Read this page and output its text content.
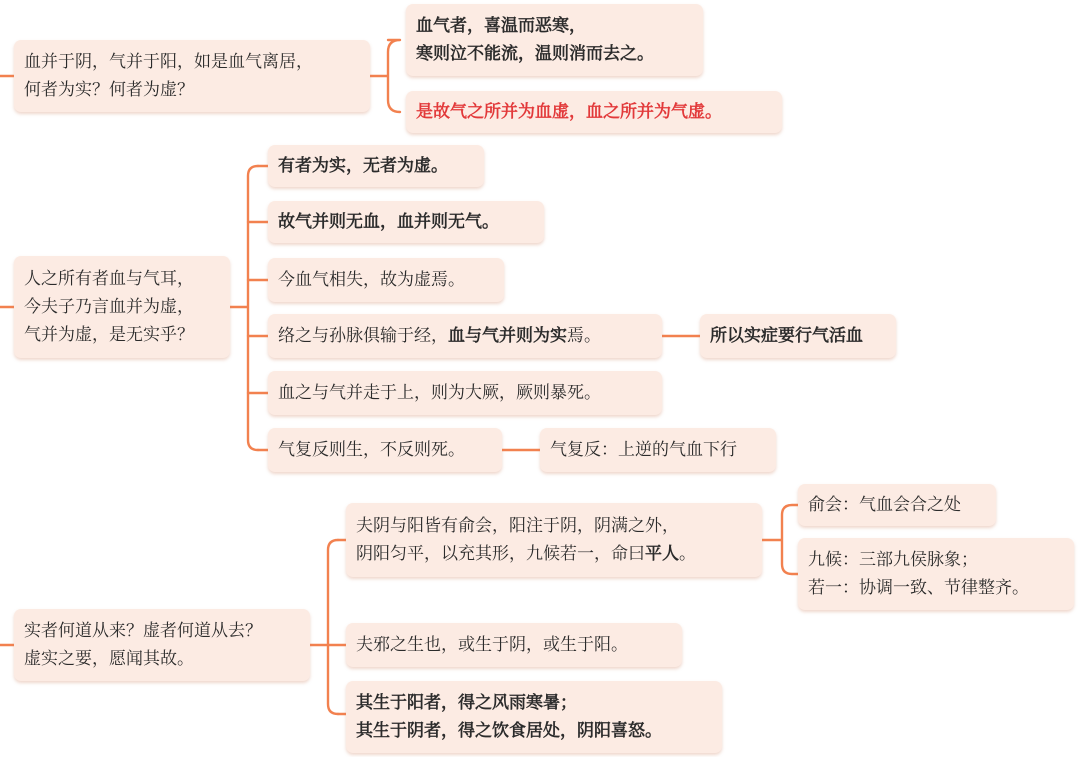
血并于阴，气并于阳，如是血气离居，
何者为实？何者为虚？
血气者，喜温而恶寒，
寒则泣不能流，温则消而去之。
是故气之所并为血虚，血之所并为气虚。
人之所有者血与气耳，
今夫子乃言血并为虚，
气并为虚，是无实乎？
有者为实，无者为虚。
故气并则无血，血并则无气。
今血气相失，故为虚焉。
络之与孙脉俱输于经，血与气并则为实焉。	所以实症要行气活血
血之与气并走于上，则为大厥，厥则暴死。
气复反则生，不反则死。	气复反：上逆的气血下行
实者何道从来？虚者何道从去？
虚实之要，愿闻其故。
夫阴与阳皆有俞会，阳注于阴，阴满之外，
阴阳匀平，以充其形，九候若一，命曰平人。
俞会：气血会合之处
九候：三部九侯脉象；
若一：协调一致、节律整齐。
夫邪之生也，或生于阴，或生于阳。
其生于阳者，得之风雨寒暑；
其生于阴者，得之饮食居处，阴阳喜怒。
